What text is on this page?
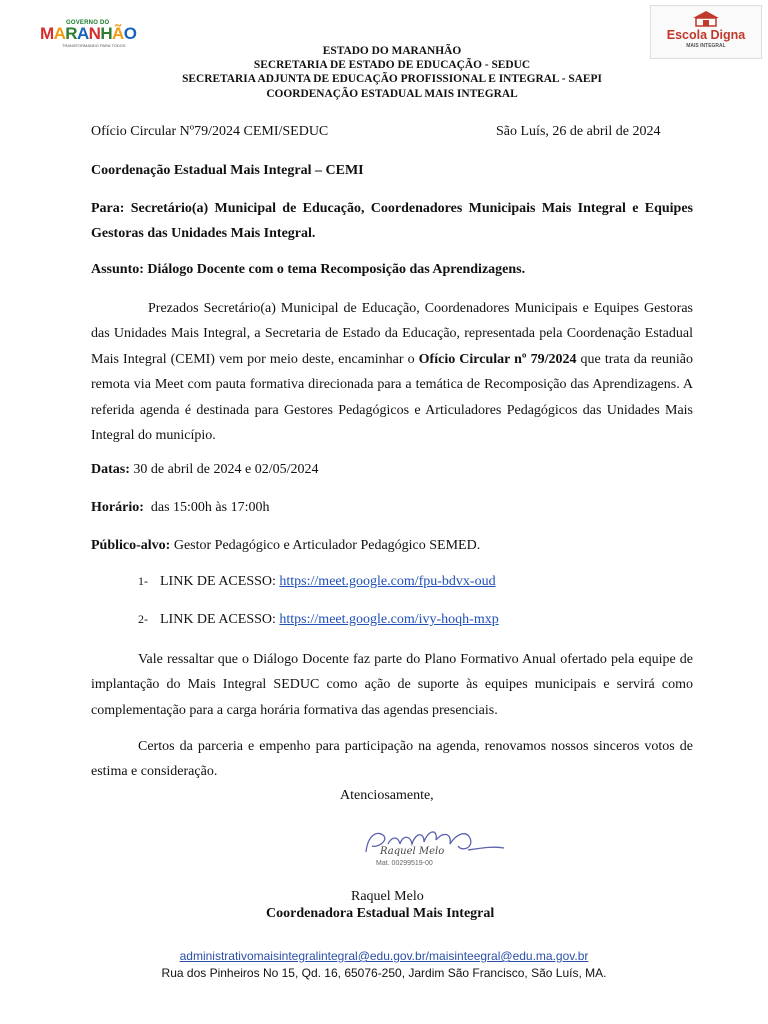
GOVERNO DO
MARANHÃO
TRANSFORMANDO PARA TODOS
Escola Digna
MAIS INTEGRAL
ESTADO DO MARANHÃO
SECRETARIA DE ESTADO DE EDUCAÇÃO - SEDUC
SECRETARIA ADJUNTA DE EDUCAÇÃO PROFISSIONAL E INTEGRAL - SAEPI
COORDENAÇÃO ESTADUAL MAIS INTEGRAL
Ofício Circular Nº79/2024 CEMI/SEDUC	São Luís, 26 de abril de 2024
Coordenação Estadual Mais Integral – CEMI
Para: Secretário(a) Municipal de Educação, Coordenadores Municipais Mais Integral e Equipes Gestoras das Unidades Mais Integral.
Assunto: Diálogo Docente com o tema Recomposição das Aprendizagens.
Prezados Secretário(a) Municipal de Educação, Coordenadores Municipais e Equipes Gestoras das Unidades Mais Integral, a Secretaria de Estado da Educação, representada pela Coordenação Estadual Mais Integral (CEMI) vem por meio deste, encaminhar o Ofício Circular nº 79/2024 que trata da reunião remota via Meet com pauta formativa direcionada para a temática de Recomposição das Aprendizagens. A referida agenda é destinada para Gestores Pedagógicos e Articuladores Pedagógicos das Unidades Mais Integral do município.
Datas: 30 de abril de 2024 e 02/05/2024
Horário:  das 15:00h às 17:00h
Público-alvo: Gestor Pedagógico e Articulador Pedagógico SEMED.
1- LINK DE ACESSO: https://meet.google.com/fpu-bdvx-oud
2- LINK DE ACESSO: https://meet.google.com/ivy-hoqh-mxp
Vale ressaltar que o Diálogo Docente faz parte do Plano Formativo Anual ofertado pela equipe de implantação do Mais Integral SEDUC como ação de suporte às equipes municipais e servirá como complementação para a carga horária formativa das agendas presenciais.
Certos da parceria e empenho para participação na agenda, renovamos nossos sinceros votos de estima e consideração.
Atenciosamente,
Raquel Melo
Mat. 00299519-00
Raquel Melo
Coordenadora Estadual Mais Integral
administrativomaisintegralintegral@edu.gov.br/maisinteegral@edu.ma.gov.br
Rua dos Pinheiros No 15, Qd. 16, 65076-250, Jardim São Francisco, São Luís, MA.
